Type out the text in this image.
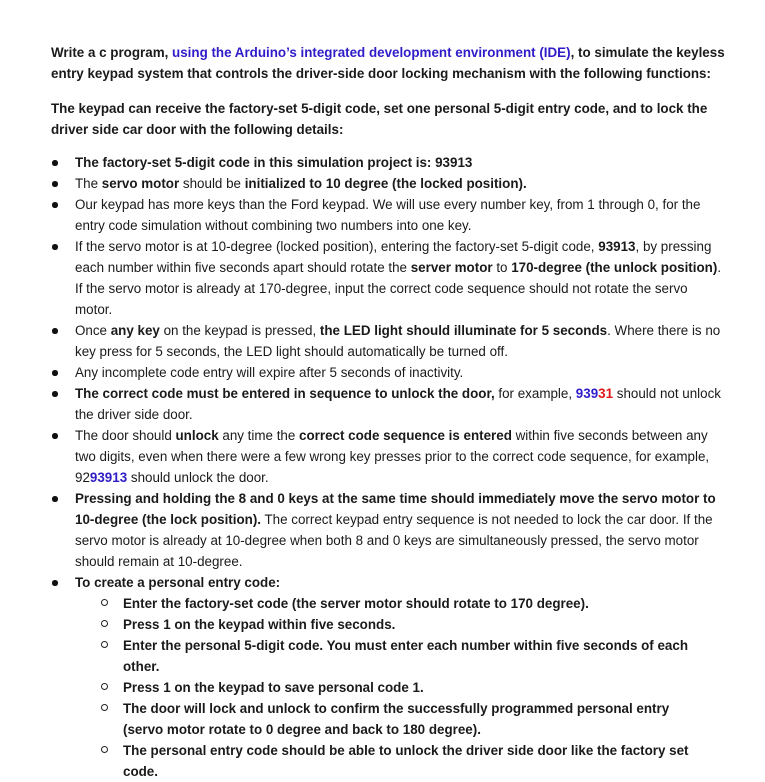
Write a c program, using the Arduino’s integrated development environment (IDE), to simulate the keyless entry keypad system that controls the driver-side door locking mechanism with the following functions:
The keypad can receive the factory-set 5-digit code, set one personal 5-digit entry code, and to lock the driver side car door with the following details:
The factory-set 5-digit code in this simulation project is: 93913
The servo motor should be initialized to 10 degree (the locked position).
Our keypad has more keys than the Ford keypad. We will use every number key, from 1 through 0, for the entry code simulation without combining two numbers into one key.
If the servo motor is at 10-degree (locked position), entering the factory-set 5-digit code, 93913, by pressing each number within five seconds apart should rotate the server motor to 170-degree (the unlock position). If the servo motor is already at 170-degree, input the correct code sequence should not rotate the servo motor.
Once any key on the keypad is pressed, the LED light should illuminate for 5 seconds. Where there is no key press for 5 seconds, the LED light should automatically be turned off.
Any incomplete code entry will expire after 5 seconds of inactivity.
The correct code must be entered in sequence to unlock the door, for example, 93931 should not unlock the driver side door.
The door should unlock any time the correct code sequence is entered within five seconds between any two digits, even when there were a few wrong key presses prior to the correct code sequence, for example, 9293913 should unlock the door.
Pressing and holding the 8 and 0 keys at the same time should immediately move the servo motor to 10-degree (the lock position). The correct keypad entry sequence is not needed to lock the car door. If the servo motor is already at 10-degree when both 8 and 0 keys are simultaneously pressed, the servo motor should remain at 10-degree.
To create a personal entry code:
Enter the factory-set code (the server motor should rotate to 170 degree).
Press 1 on the keypad within five seconds.
Enter the personal 5-digit code. You must enter each number within five seconds of each other.
Press 1 on the keypad to save personal code 1.
The door will lock and unlock to confirm the successfully programmed personal entry (servo motor rotate to 0 degree and back to 180 degree).
The personal entry code should be able to unlock the driver side door like the factory set code.
